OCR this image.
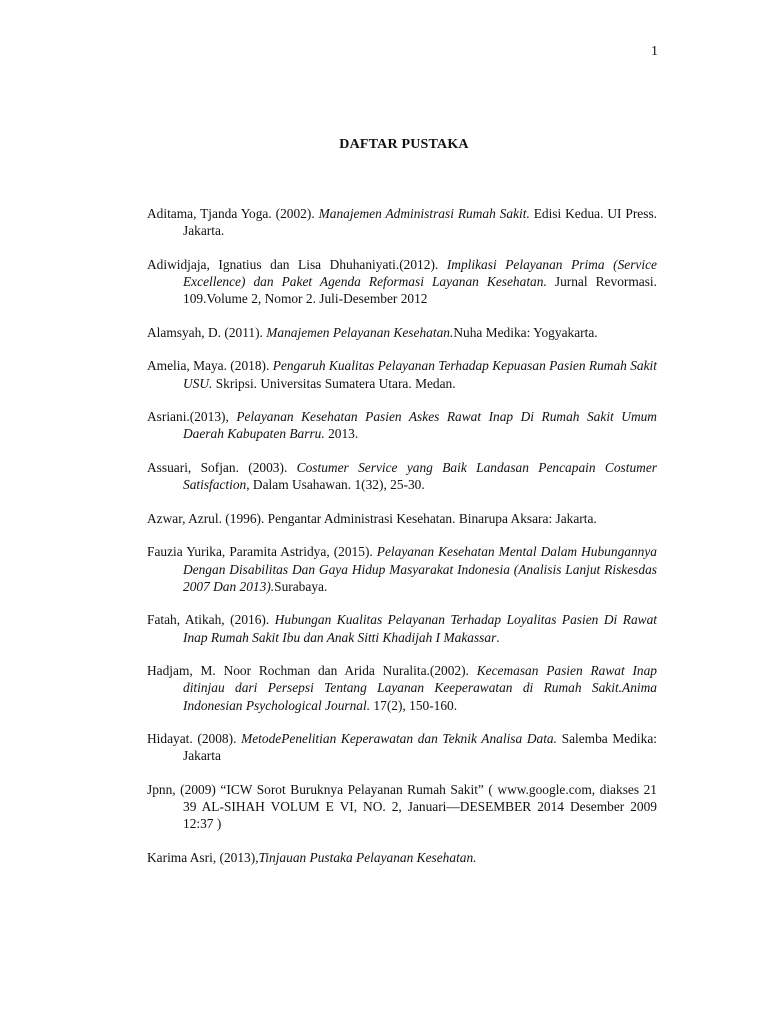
1
DAFTAR PUSTAKA

Aditama, Tjanda Yoga. (2002). Manajemen Administrasi Rumah Sakit. Edisi Kedua. UI Press. Jakarta.

Adiwidjaja, Ignatius dan Lisa Dhuhaniyati.(2012). Implikasi Pelayanan Prima (Service Excellence) dan Paket Agenda Reformasi Layanan Kesehatan. Jurnal Revormasi. 109.Volume 2, Nomor 2. Juli-Desember 2012

Alamsyah, D. (2011). Manajemen Pelayanan Kesehatan.Nuha Medika: Yogyakarta.

Amelia, Maya. (2018). Pengaruh Kualitas Pelayanan Terhadap Kepuasan Pasien Rumah Sakit USU. Skripsi. Universitas Sumatera Utara. Medan.

Asriani.(2013), Pelayanan Kesehatan Pasien Askes Rawat Inap Di Rumah Sakit Umum Daerah Kabupaten Barru. 2013.

Assuari, Sofjan. (2003). Costumer Service yang Baik Landasan Pencapain Costumer Satisfaction, Dalam Usahawan. 1(32), 25-30.

Azwar, Azrul. (1996). Pengantar Administrasi Kesehatan. Binarupa Aksara: Jakarta.

Fauzia Yurika, Paramita Astridya, (2015). Pelayanan Kesehatan Mental Dalam Hubungannya Dengan Disabilitas Dan Gaya Hidup Masyarakat Indonesia (Analisis Lanjut Riskesdas 2007 Dan 2013).Surabaya.

Fatah, Atikah, (2016). Hubungan Kualitas Pelayanan Terhadap Loyalitas Pasien Di Rawat Inap Rumah Sakit Ibu dan Anak Sitti Khadijah I Makassar.

Hadjam, M. Noor Rochman dan Arida Nuralita.(2002). Kecemasan Pasien Rawat Inap ditinjau dari Persepsi Tentang Layanan Keeperawatan di Rumah Sakit.Anima Indonesian Psychological Journal. 17(2), 150-160.

Hidayat. (2008). MetodePenelitian Keperawatan dan Teknik Analisa Data. Salemba Medika: Jakarta

Jpnn, (2009) “ICW Sorot Buruknya Pelayanan Rumah Sakit” ( www.google.com, diakses 21 39 AL-SIHAH VOLUM E VI, NO. 2, Januari—DESEMBER 2014 Desember 2009 12:37 )

Karima Asri, (2013),Tinjauan Pustaka Pelayanan Kesehatan.
